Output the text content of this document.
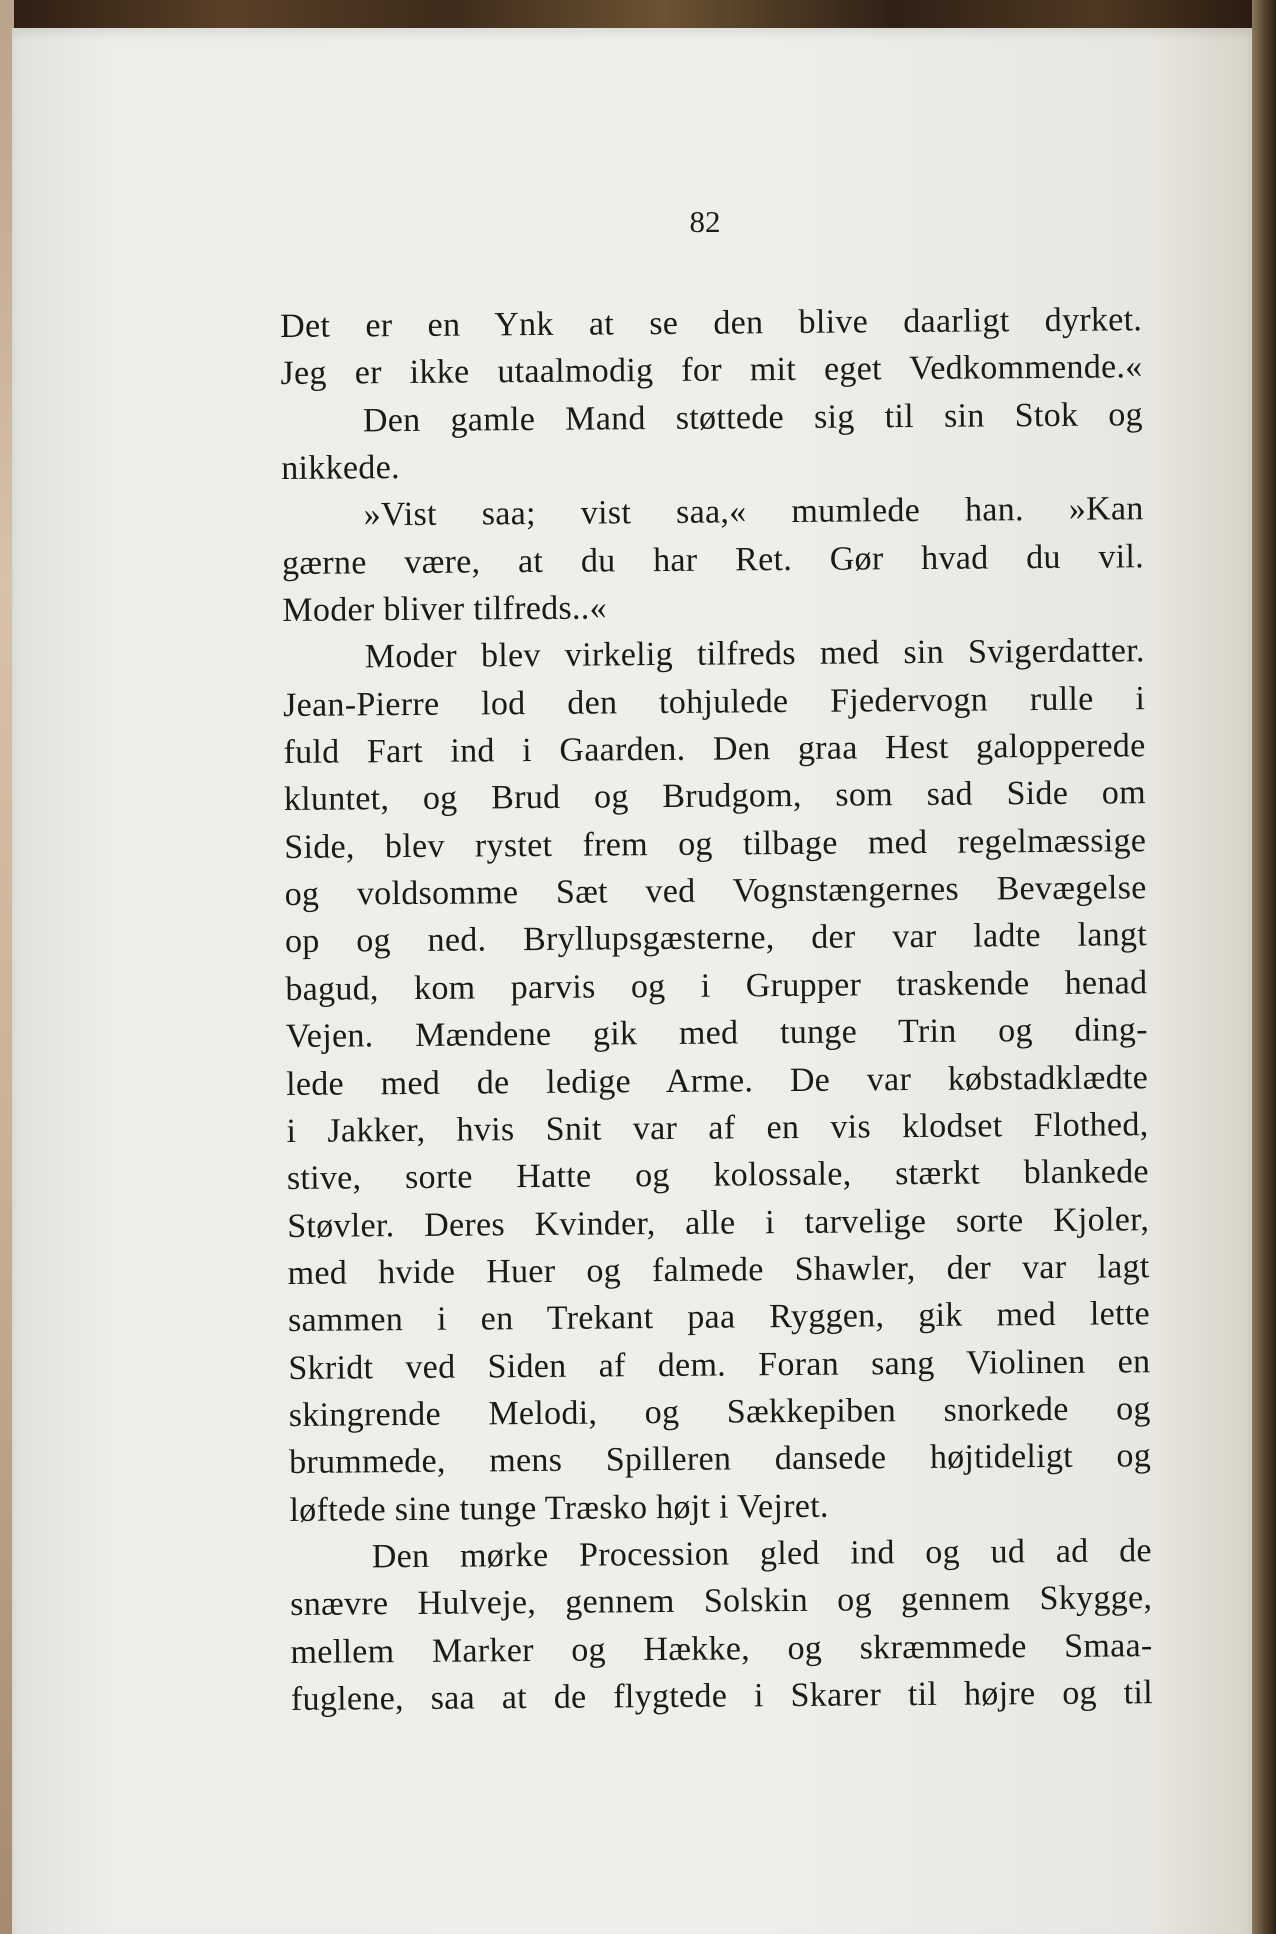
82
Det er en Ynk at se den blive daarligt dyrket.
Jeg er ikke utaalmodig for mit eget Vedkommende.«
Den gamle Mand støttede sig til sin Stok og
nikkede.
»Vist saa; vist saa,« mumlede han. »Kan
gærne være, at du har Ret. Gør hvad du vil.
Moder bliver tilfreds..«
Moder blev virkelig tilfreds med sin Svigerdatter.
Jean-Pierre lod den tohjulede Fjedervogn rulle i
fuld Fart ind i Gaarden. Den graa Hest galopperede
kluntet, og Brud og Brudgom, som sad Side om
Side, blev rystet frem og tilbage med regelmæssige
og voldsomme Sæt ved Vognstængernes Bevægelse
op og ned. Bryllupsgæsterne, der var ladte langt
bagud, kom parvis og i Grupper traskende henad
Vejen. Mændene gik med tunge Trin og ding-
lede med de ledige Arme. De var købstadklædte
i Jakker, hvis Snit var af en vis klodset Flothed,
stive, sorte Hatte og kolossale, stærkt blankede
Støvler. Deres Kvinder, alle i tarvelige sorte Kjoler,
med hvide Huer og falmede Shawler, der var lagt
sammen i en Trekant paa Ryggen, gik med lette
Skridt ved Siden af dem. Foran sang Violinen en
skingrende Melodi, og Sækkepiben snorkede og
brummede, mens Spilleren dansede højtideligt og
løftede sine tunge Træsko højt i Vejret.
Den mørke Procession gled ind og ud ad de
snævre Hulveje, gennem Solskin og gennem Skygge,
mellem Marker og Hække, og skræmmede Smaa-
fuglene, saa at de flygtede i Skarer til højre og til
